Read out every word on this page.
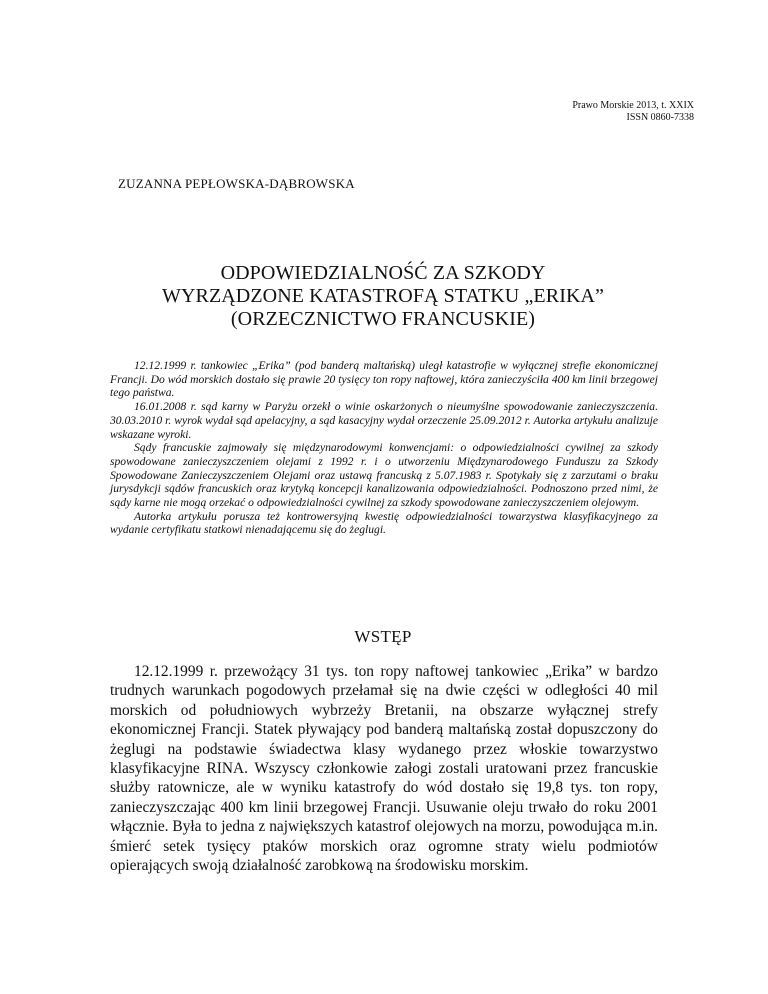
Prawo Morskie 2013, t. XXIX
ISSN 0860-7338
ZUZANNA PEPŁOWSKA-DĄBROWSKA
ODPOWIEDZIALNOŚĆ ZA SZKODY
WYRZĄDZONE KATASTROFĄ STATKU „ERIKA”
(ORZECZNICTWO FRANCUSKIE)

12.12.1999 r. tankowiec „Erika” (pod banderą maltańską) uległ katastrofie w wyłącznej strefie ekonomicznej Francji. Do wód morskich dostało się prawie 20 tysięcy ton ropy naftowej, która zanieczyściła 400 km linii brzegowej tego państwa.

16.01.2008 r. sąd karny w Paryżu orzekł o winie oskarżonych o nieumyślne spowodowanie zanieczyszczenia. 30.03.2010 r. wyrok wydał sąd apelacyjny, a sąd kasacyjny wydał orzeczenie 25.09.2012 r. Autorka artykułu analizuje wskazane wyroki.

Sądy francuskie zajmowały się międzynarodowymi konwencjami: o odpowiedzialności cywilnej za szkody spowodowane zanieczyszczeniem olejami z 1992 r. i o utworzeniu Międzynarodowego Funduszu za Szkody Spowodowane Zanieczyszczeniem Olejami oraz ustawą francuską z 5.07.1983 r. Spotykały się z zarzutami o braku jurysdykcji sądów francuskich oraz krytyką koncepcji kanalizowania odpowiedzialności. Podnoszono przed nimi, że sądy karne nie mogą orzekać o odpowiedzialności cywilnej za szkody spowodowane zanieczyszczeniem olejowym.

Autorka artykułu porusza też kontrowersyjną kwestię odpowiedzialności towarzystwa klasyfikacyjnego za wydanie certyfikatu statkowi nienadającemu się do żeglugi.

WSTĘP

12.12.1999 r. przewożący 31 tys. ton ropy naftowej tankowiec „Erika” w bardzo trudnych warunkach pogodowych przełamał się na dwie części w odległości 40 mil morskich od południowych wybrzeży Bretanii, na obszarze wyłącznej strefy ekonomicznej Francji. Statek pływający pod banderą maltańską został dopuszczony do żeglugi na podstawie świadectwa klasy wydanego przez włoskie towarzystwo klasyfikacyjne RINA. Wszyscy członkowie załogi zostali uratowani przez francuskie służby ratownicze, ale w wyniku katastrofy do wód dostało się 19,8 tys. ton ropy, zanieczyszczając 400 km linii brzegowej Francji. Usuwanie oleju trwało do roku 2001 włącznie. Była to jedna z największych katastrof olejowych na morzu, powodująca m.in. śmierć setek tysięcy ptaków morskich oraz ogromne straty wielu podmiotów opierających swoją działalność zarobkową na środowisku morskim.
